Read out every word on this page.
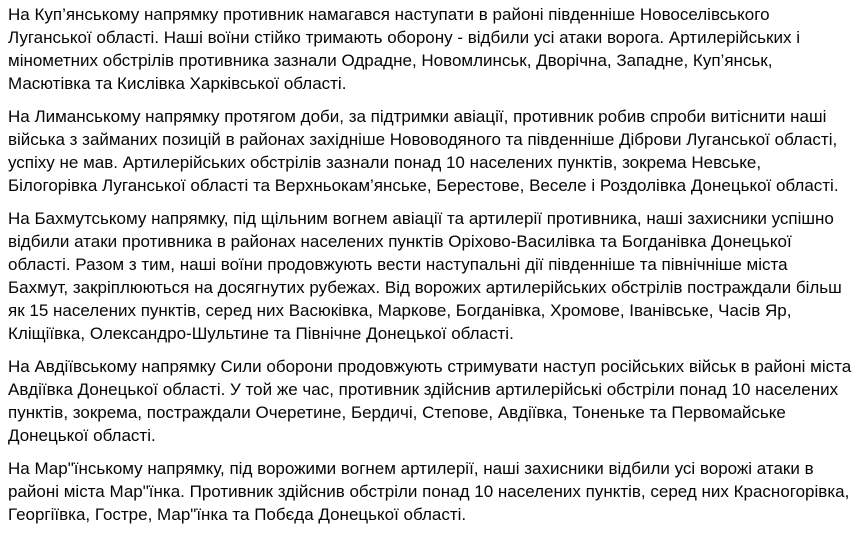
На Куп’янському напрямку противник намагався наступати в районі південніше Новоселівського Луганської області. Наші воїни стійко тримають оборону - відбили усі атаки ворога. Артилерійських і мінометних обстрілів противника зазнали Одрадне, Новомлинськ, Дворічна, Западне, Куп’янськ, Масютівка та Кислівка Харківської області.

На Лиманському напрямку протягом доби, за підтримки авіації, противник робив спроби витіснити наші війська з займаних позицій в районах західніше Нововодяного та південніше Діброви Луганської області, успіху не мав. Артилерійських обстрілів зазнали понад 10 населених пунктів, зокрема Невське, Білогорівка Луганської області та Верхньокам’янське, Берестове, Веселе і Роздолівка Донецької області.

На Бахмутському напрямку, під щільним вогнем авіації та артилерії противника, наші захисники успішно відбили атаки противника в районах населених пунктів Оріхово-Василівка та Богданівка Донецької області. Разом з тим, наші воїни продовжують вести наступальні дії південніше та північніше міста Бахмут, закріплюються на досягнутих рубежах. Від ворожих артилерійських обстрілів постраждали більш як 15 населених пунктів, серед них Васюківка, Маркове, Богданівка, Хромове, Іванівське, Часів Яр, Кліщіївка, Олександро-Шультине та Північне Донецької області.

На Авдіївському напрямку Сили оборони продовжують стримувати наступ російських військ в районі міста Авдіївка Донецької області. У той же час, противник здійснив артилерійські обстріли понад 10 населених пунктів, зокрема, постраждали Очеретине, Бердичі, Степове, Авдіївка, Тоненьке та Первомайське Донецької області.

На Мар"їнському напрямку, під ворожими вогнем артилерії, наші захисники відбили усі ворожі атаки в районі міста Мар"їнка. Противник здійснив обстріли понад 10 населених пунктів, серед них Красногорівка, Георгіївка, Гостре, Мар"їнка та Побєда Донецької області.
